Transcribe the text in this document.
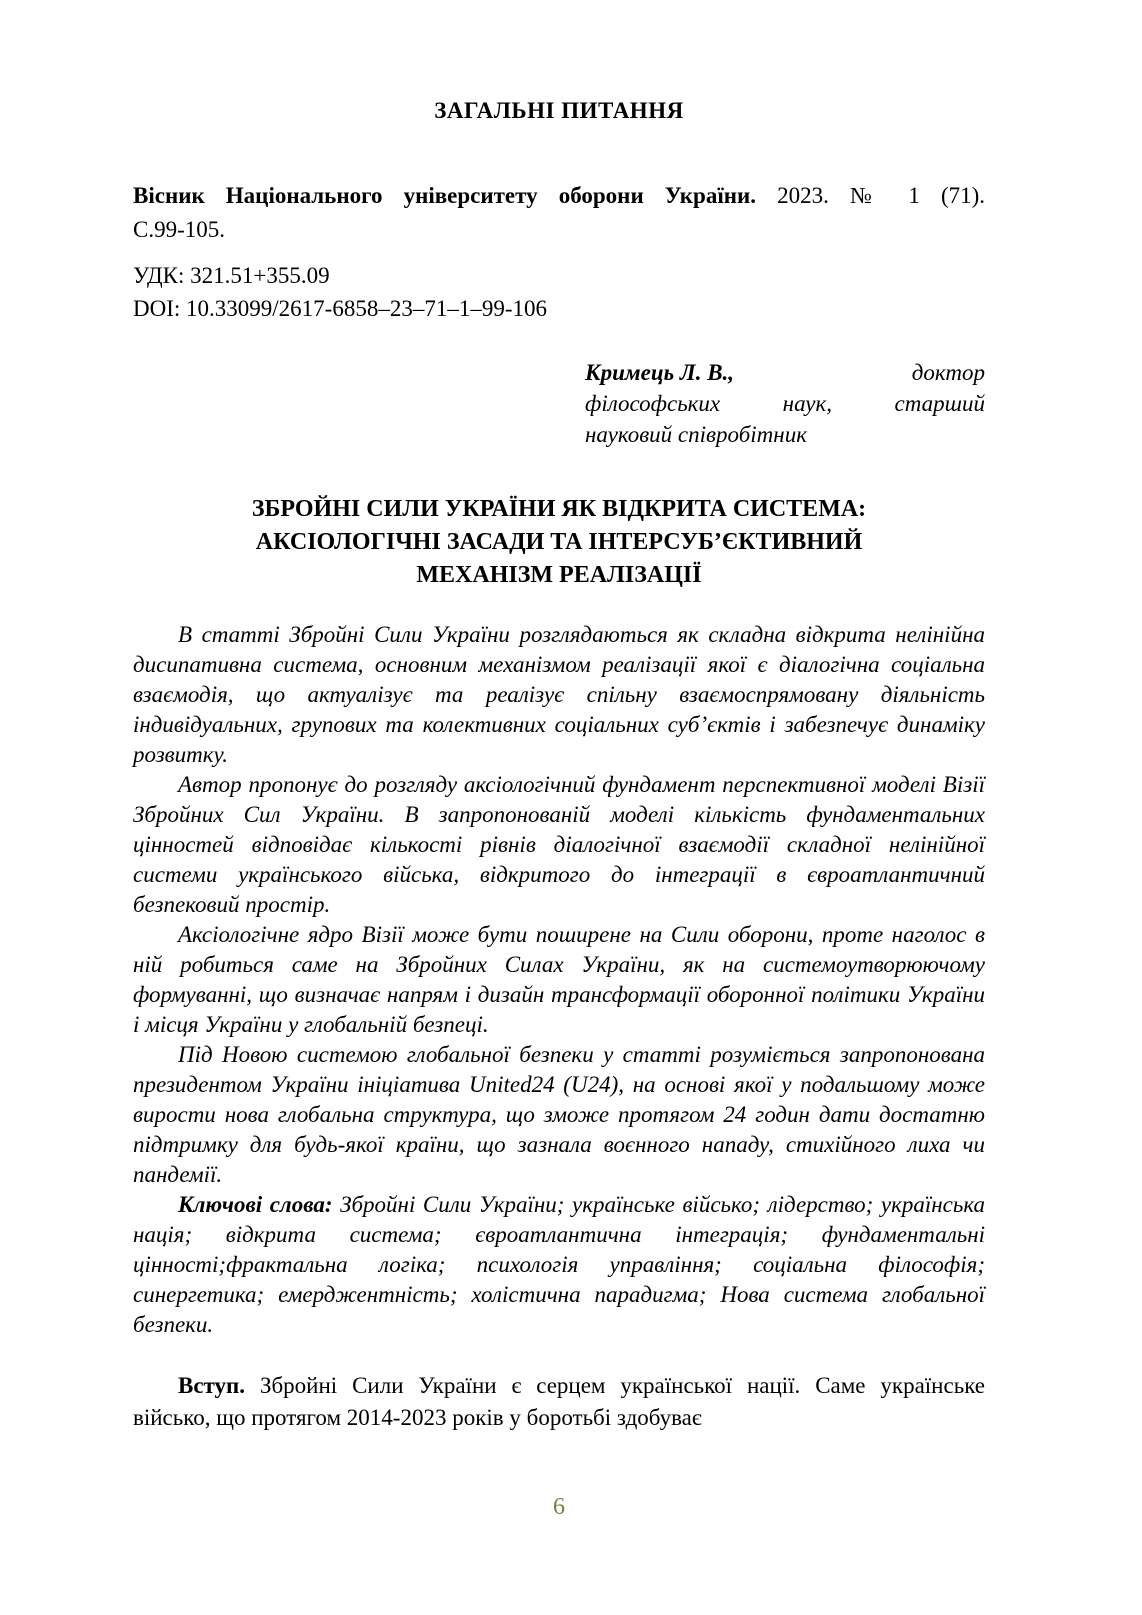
ЗАГАЛЬНІ ПИТАННЯ
Вісник Національного університету оборони України. 2023. № 1 (71).
С.99-105.
УДК: 321.51+355.09
DOI: 10.33099/2617-6858–23–71–1–99-106
Кримець Л. В.,	доктор
філософських наук, старший
науковий співробітник
ЗБРОЙНІ СИЛИ УКРАЇНИ ЯК ВІДКРИТА СИСТЕМА:
АКСІОЛОГІЧНІ ЗАСАДИ ТА ІНТЕРСУБ’ЄКТИВНИЙ
МЕХАНІЗМ РЕАЛІЗАЦІЇ

В статті Збройні Сили України розглядаються як складна відкрита нелінійна дисипативна система, основним механізмом реалізації якої є діалогічна соціальна взаємодія, що актуалізує та реалізує спільну взаємоспрямовану діяльність індивідуальних, групових та колективних соціальних суб’єктів і забезпечує динаміку розвитку.

Автор пропонує до розгляду аксіологічний фундамент перспективної моделі Візії Збройних Сил України. В запропонованій моделі кількість фундаментальних цінностей відповідає кількості рівнів діалогічної взаємодії складної нелінійної системи українського війська, відкритого до інтеграції в євроатлантичний безпековий простір.

Аксіологічне ядро Візії може бути поширене на Сили оборони, проте наголос в ній робиться саме на Збройних Силах України, як на системоутворюючому формуванні, що визначає напрям і дизайн трансформації оборонної політики України і місця України у глобальній безпеці.

Під Новою системою глобальної безпеки у статті розуміється запропонована президентом України ініціатива United24 (U24), на основі якої у подальшому може вирости нова глобальна структура, що зможе протягом 24 годин дати достатню підтримку для будь-якої країни, що зазнала воєнного нападу, стихійного лиха чи пандемії.

Ключові слова: Збройні Сили України; українське військо; лідерство; українська нація; відкрита система; євроатлантична інтеграція; фундаментальні цінності;фрактальна логіка; психологія управління; соціальна філософія; синергетика; емерджентність; холістична парадигма; Нова система глобальної безпеки.

Вступ. Збройні Сили України є серцем української нації. Саме українське військо, що протягом 2014-2023 років у боротьбі здобуває

6
